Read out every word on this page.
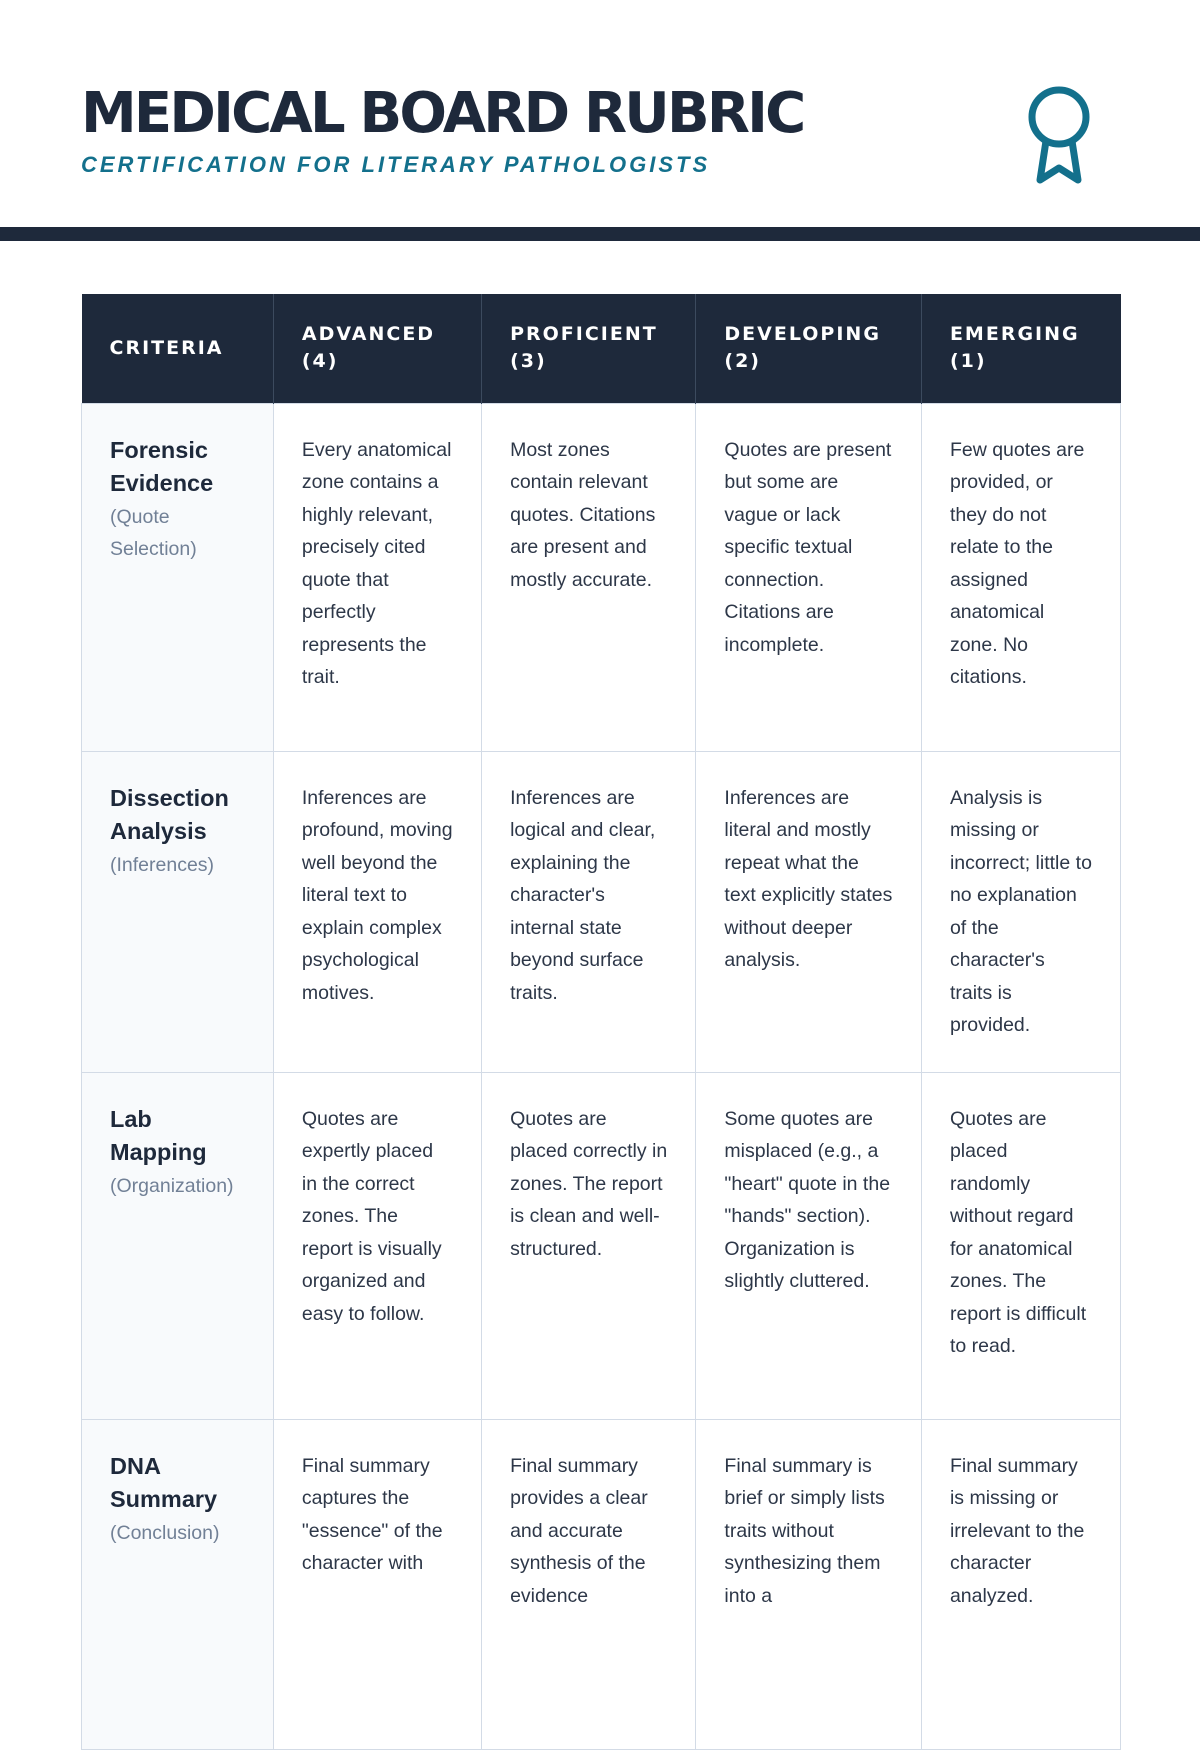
MEDICAL BOARD RUBRIC
CERTIFICATION FOR LITERARY PATHOLOGISTS
CRITERIA	ADVANCED (4)	PROFICIENT (3)	DEVELOPING (2)	EMERGING (1)

Forensic Evidence
(Quote Selection)	Every anatomical zone contains a highly relevant, precisely cited quote that perfectly represents the trait.	Most zones contain relevant quotes. Citations are present and mostly accurate.	Quotes are present but some are vague or lack specific textual connection. Citations are incomplete.	Few quotes are provided, or they do not relate to the assigned anatomical zone. No citations.

Dissection Analysis
(Inferences)	Inferences are profound, moving well beyond the literal text to explain complex psychological motives.	Inferences are logical and clear, explaining the character's internal state beyond surface traits.	Inferences are literal and mostly repeat what the text explicitly states without deeper analysis.	Analysis is missing or incorrect; little to no explanation of the character's traits is provided.

Lab Mapping
(Organization)	Quotes are expertly placed in the correct zones. The report is visually organized and easy to follow.	Quotes are placed correctly in zones. The report is clean and well-structured.	Some quotes are misplaced (e.g., a "heart" quote in the "hands" section). Organization is slightly cluttered.	Quotes are placed randomly without regard for anatomical zones. The report is difficult to read.

DNA Summary
(Conclusion)	Final summary captures the "essence" of the character with	Final summary provides a clear and accurate synthesis of the evidence	Final summary is brief or simply lists traits without synthesizing them into a	Final summary is missing or irrelevant to the character analyzed.
